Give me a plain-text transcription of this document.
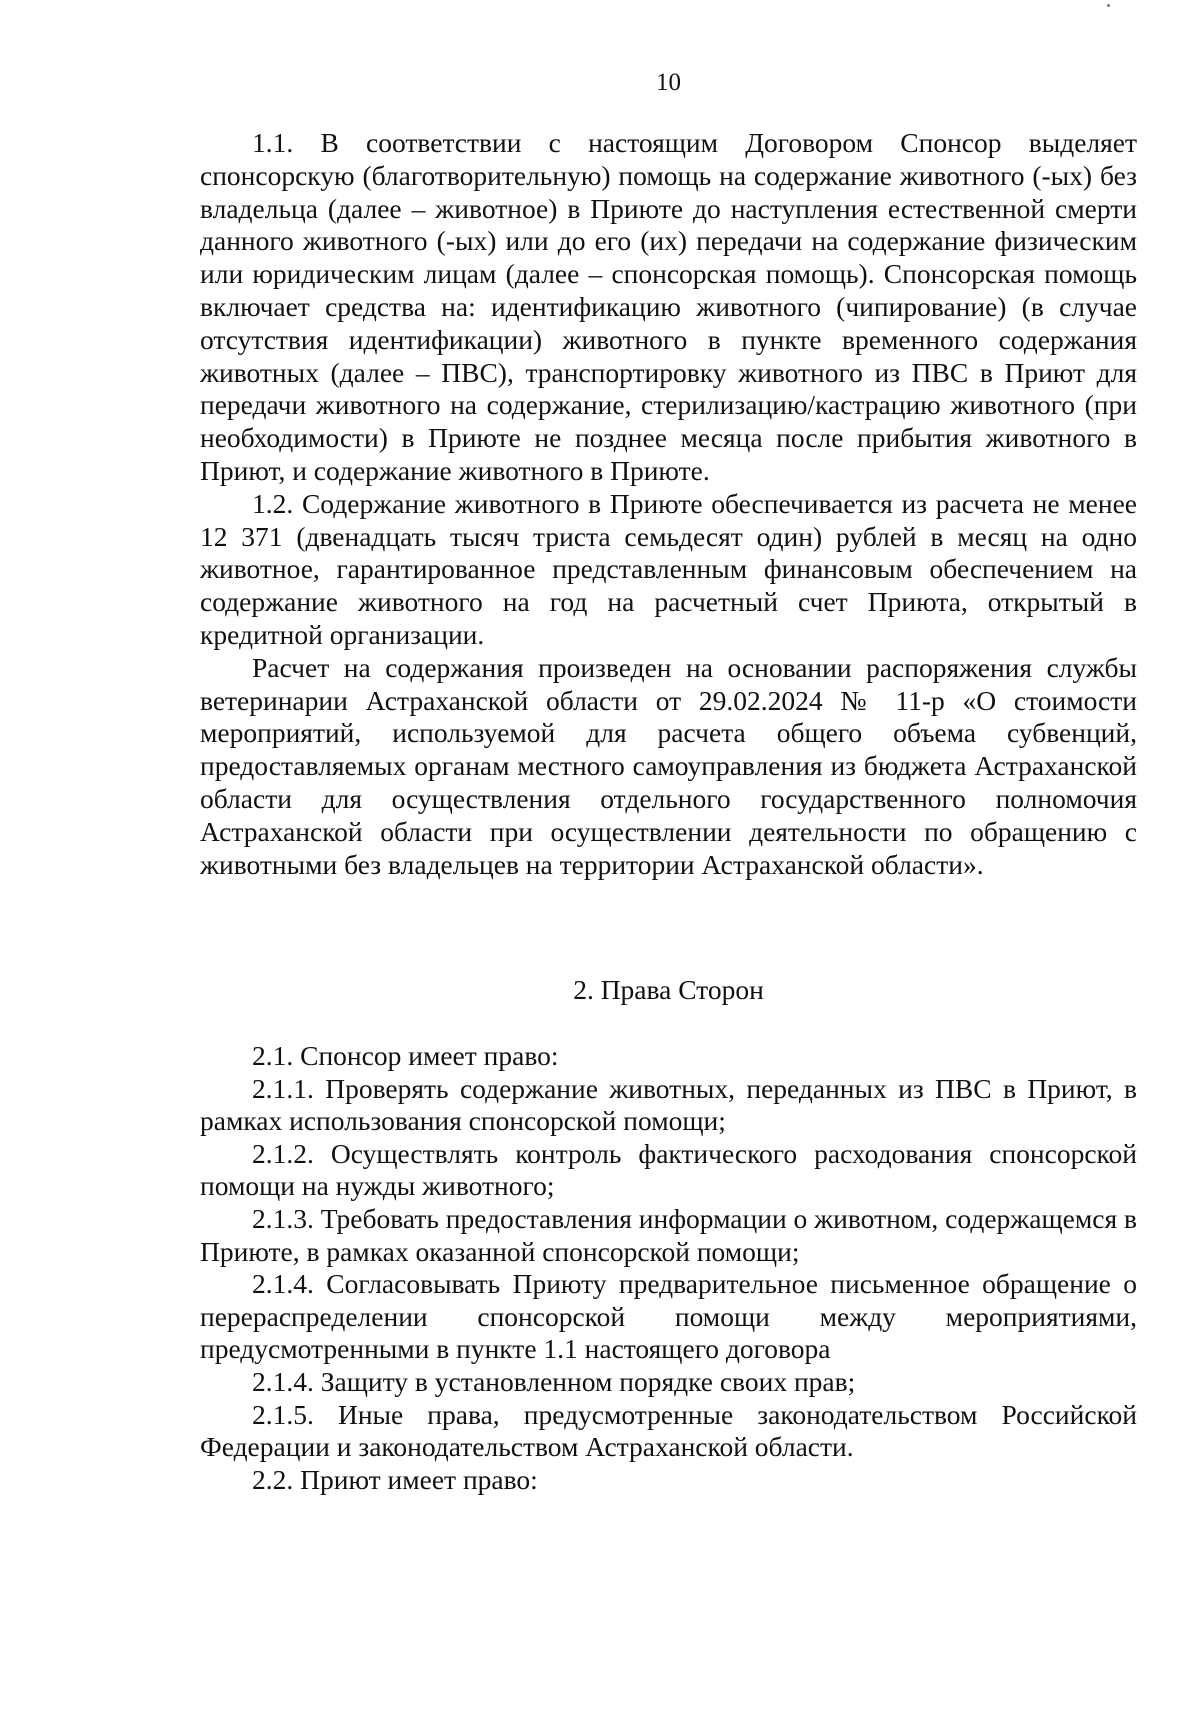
10

1.1. В соответствии с настоящим Договором Спонсор выделяет спонсорскую (благотворительную) помощь на содержание животного (-ых) без владельца (далее – животное) в Приюте до наступления естественной смерти данного животного (-ых) или до его (их) передачи на содержание физическим или юридическим лицам (далее – спонсорская помощь). Спонсорская помощь включает средства на: идентификацию животного (чипирование) (в случае отсутствия идентификации) животного в пункте временного содержания животных (далее – ПВС), транспортировку животного из ПВС в Приют для передачи животного на содержание, стерилизацию/кастрацию животного (при необходимости) в Приюте не позднее месяца после прибытия животного в Приют, и содержание животного в Приюте.

1.2. Содержание животного в Приюте обеспечивается из расчета не менее 12 371 (двенадцать тысяч триста семьдесят один) рублей в месяц на одно животное, гарантированное представленным финансовым обеспечением на содержание животного на год на расчетный счет Приюта, открытый в кредитной организации.

Расчет на содержания произведен на основании распоряжения службы ветеринарии Астраханской области от 29.02.2024 № 11-р «О стоимости мероприятий, используемой для расчета общего объема субвенций, предоставляемых органам местного самоуправления из бюджета Астраханской области для осуществления отдельного государственного полномочия Астраханской области при осуществлении деятельности по обращению с животными без владельцев на территории Астраханской области».

2. Права Сторон

2.1. Спонсор имеет право:

2.1.1. Проверять содержание животных, переданных из ПВС в Приют, в рамках использования спонсорской помощи;

2.1.2. Осуществлять контроль фактического расходования спонсорской помощи на нужды животного;

2.1.3. Требовать предоставления информации о животном, содержащемся в Приюте, в рамках оказанной спонсорской помощи;

2.1.4. Согласовывать Приюту предварительное письменное обращение о перераспределении спонсорской помощи между мероприятиями, предусмотренными в пункте 1.1 настоящего договора

2.1.4. Защиту в установленном порядке своих прав;

2.1.5. Иные права, предусмотренные законодательством Российской Федерации и законодательством Астраханской области.

2.2. Приют имеет право:
